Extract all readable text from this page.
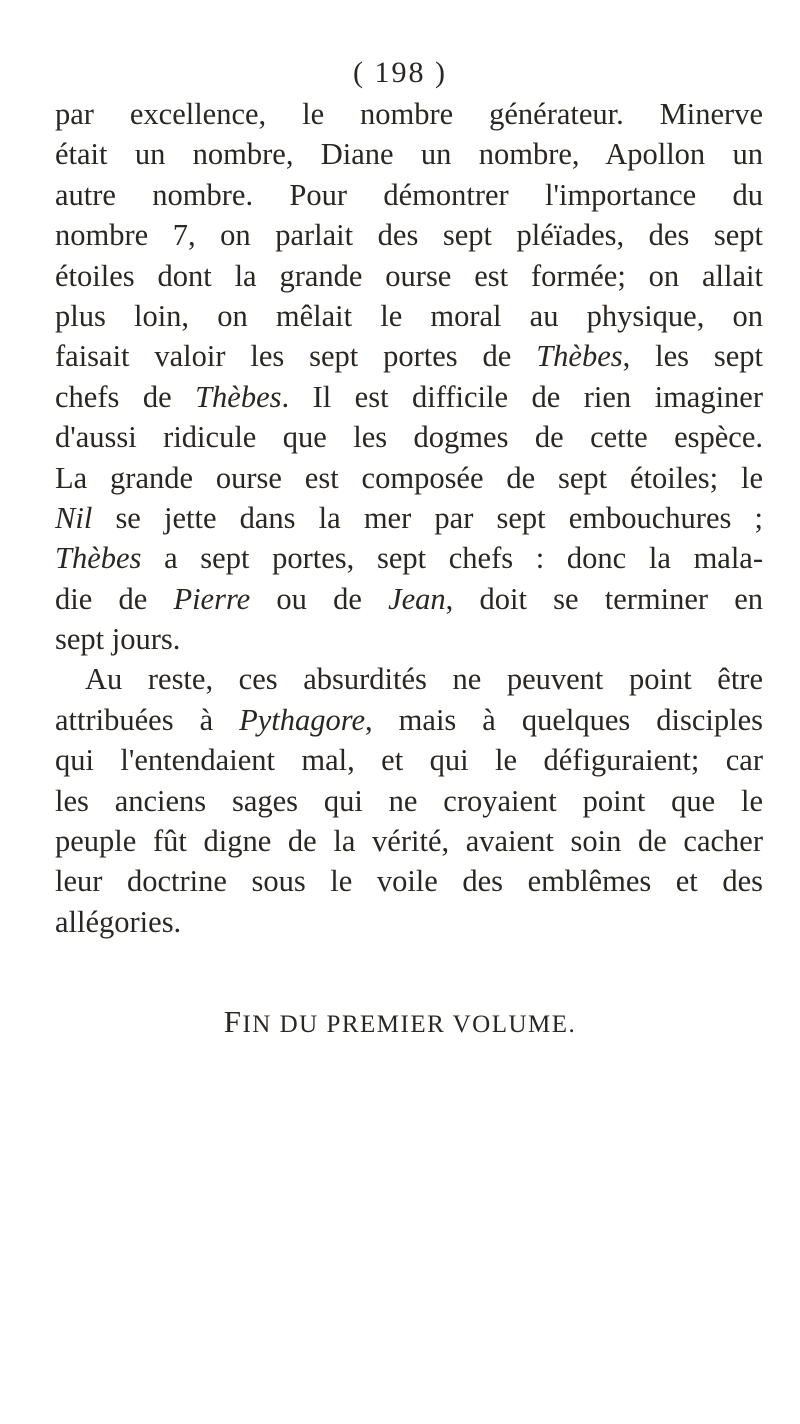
( 198 )
par excellence, le nombre générateur. Minerve
était un nombre, Diane un nombre, Apollon un
autre nombre. Pour démontrer l'importance du
nombre 7, on parlait des sept pléïades, des sept
étoiles dont la grande ourse est formée; on allait
plus loin, on mêlait le moral au physique, on
faisait valoir les sept portes de Thèbes, les sept
chefs de Thèbes. Il est difficile de rien imaginer
d'aussi ridicule que les dogmes de cette espèce.
La grande ourse est composée de sept étoiles; le
Nil se jette dans la mer par sept embouchures ;
Thèbes a sept portes, sept chefs : donc la mala-
die de Pierre ou de Jean, doit se terminer en
sept jours.
Au reste, ces absurdités ne peuvent point être
attribuées à Pythagore, mais à quelques disciples
qui l'entendaient mal, et qui le défiguraient; car
les anciens sages qui ne croyaient point que le
peuple fût digne de la vérité, avaient soin de cacher
leur doctrine sous le voile des emblêmes et des
allégories.
FIN DU PREMIER VOLUME.
